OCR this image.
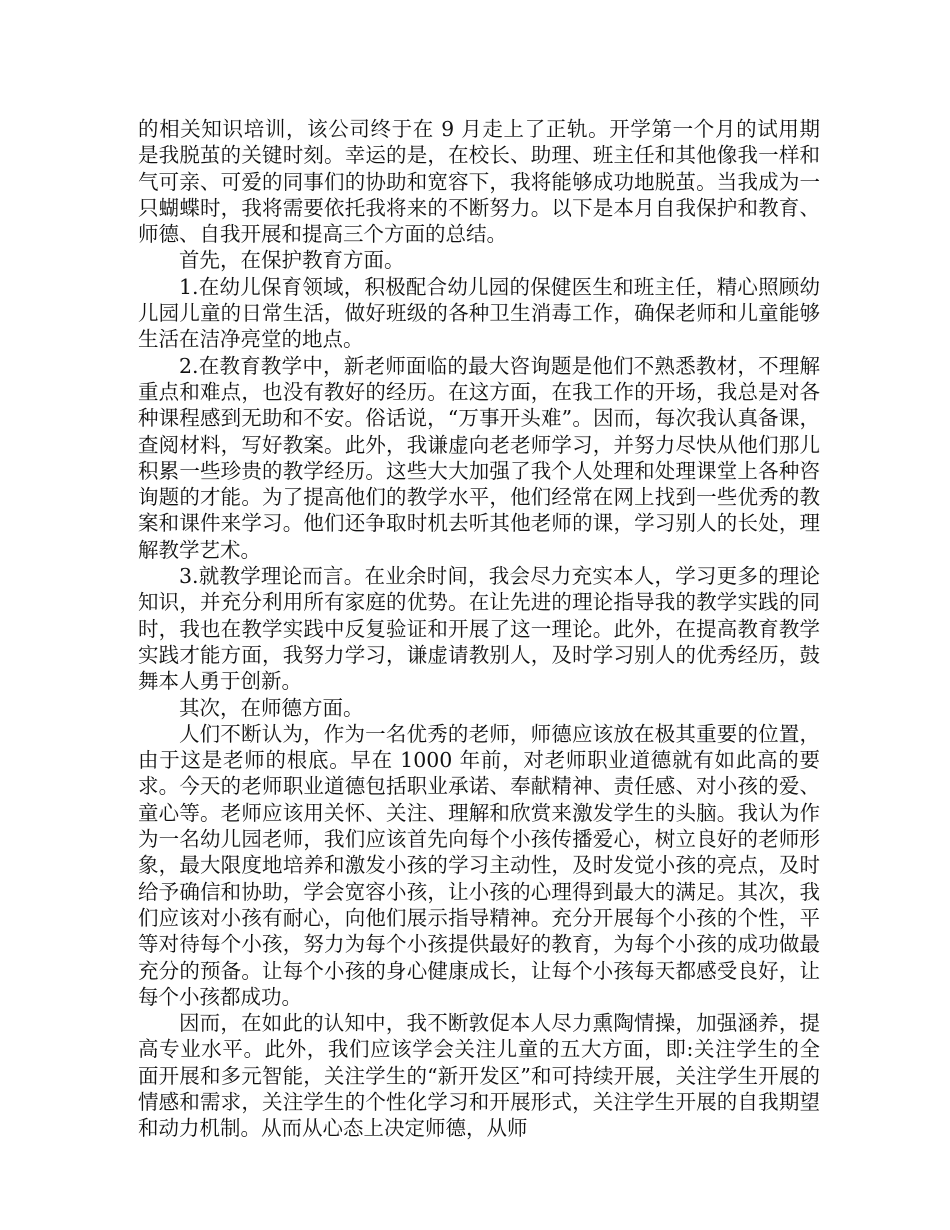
的相关知识培训，该公司终于在 9 月走上了正轨。开学第一个月的试用期是我脱茧的关键时刻。幸运的是，在校长、助理、班主任和其他像我一样和气可亲、可爱的同事们的协助和宽容下，我将能够成功地脱茧。当我成为一只蝴蝶时，我将需要依托我将来的不断努力。以下是本月自我保护和教育、师德、自我开展和提高三个方面的总结。

首先，在保护教育方面。

1.在幼儿保育领域，积极配合幼儿园的保健医生和班主任，精心照顾幼儿园儿童的日常生活，做好班级的各种卫生消毒工作，确保老师和儿童能够生活在洁净亮堂的地点。

2.在教育教学中，新老师面临的最大咨询题是他们不熟悉教材，不理解重点和难点，也没有教好的经历。在这方面，在我工作的开场，我总是对各种课程感到无助和不安。俗话说，“万事开头难”。因而，每次我认真备课，查阅材料，写好教案。此外，我谦虚向老老师学习，并努力尽快从他们那儿积累一些珍贵的教学经历。这些大大加强了我个人处理和处理课堂上各种咨询题的才能。为了提高他们的教学水平，他们经常在网上找到一些优秀的教案和课件来学习。他们还争取时机去听其他老师的课，学习别人的长处，理解教学艺术。

3.就教学理论而言。在业余时间，我会尽力充实本人，学习更多的理论知识，并充分利用所有家庭的优势。在让先进的理论指导我的教学实践的同时，我也在教学实践中反复验证和开展了这一理论。此外，在提高教育教学实践才能方面，我努力学习，谦虚请教别人，及时学习别人的优秀经历，鼓舞本人勇于创新。

其次，在师德方面。

人们不断认为，作为一名优秀的老师，师德应该放在极其重要的位置，由于这是老师的根底。早在 1000 年前，对老师职业道德就有如此高的要求。今天的老师职业道德包括职业承诺、奉献精神、责任感、对小孩的爱、童心等。老师应该用关怀、关注、理解和欣赏来激发学生的头脑。我认为作为一名幼儿园老师，我们应该首先向每个小孩传播爱心，树立良好的老师形象，最大限度地培养和激发小孩的学习主动性，及时发觉小孩的亮点，及时给予确信和协助，学会宽容小孩，让小孩的心理得到最大的满足。其次，我们应该对小孩有耐心，向他们展示指导精神。充分开展每个小孩的个性，平等对待每个小孩，努力为每个小孩提供最好的教育，为每个小孩的成功做最充分的预备。让每个小孩的身心健康成长，让每个小孩每天都感受良好，让每个小孩都成功。

因而，在如此的认知中，我不断敦促本人尽力熏陶情操，加强涵养，提高专业水平。此外，我们应该学会关注儿童的五大方面，即:关注学生的全面开展和多元智能，关注学生的“新开发区”和可持续开展，关注学生开展的情感和需求，关注学生的个性化学习和开展形式，关注学生开展的自我期望和动力机制。从而从心态上决定师德，从师
